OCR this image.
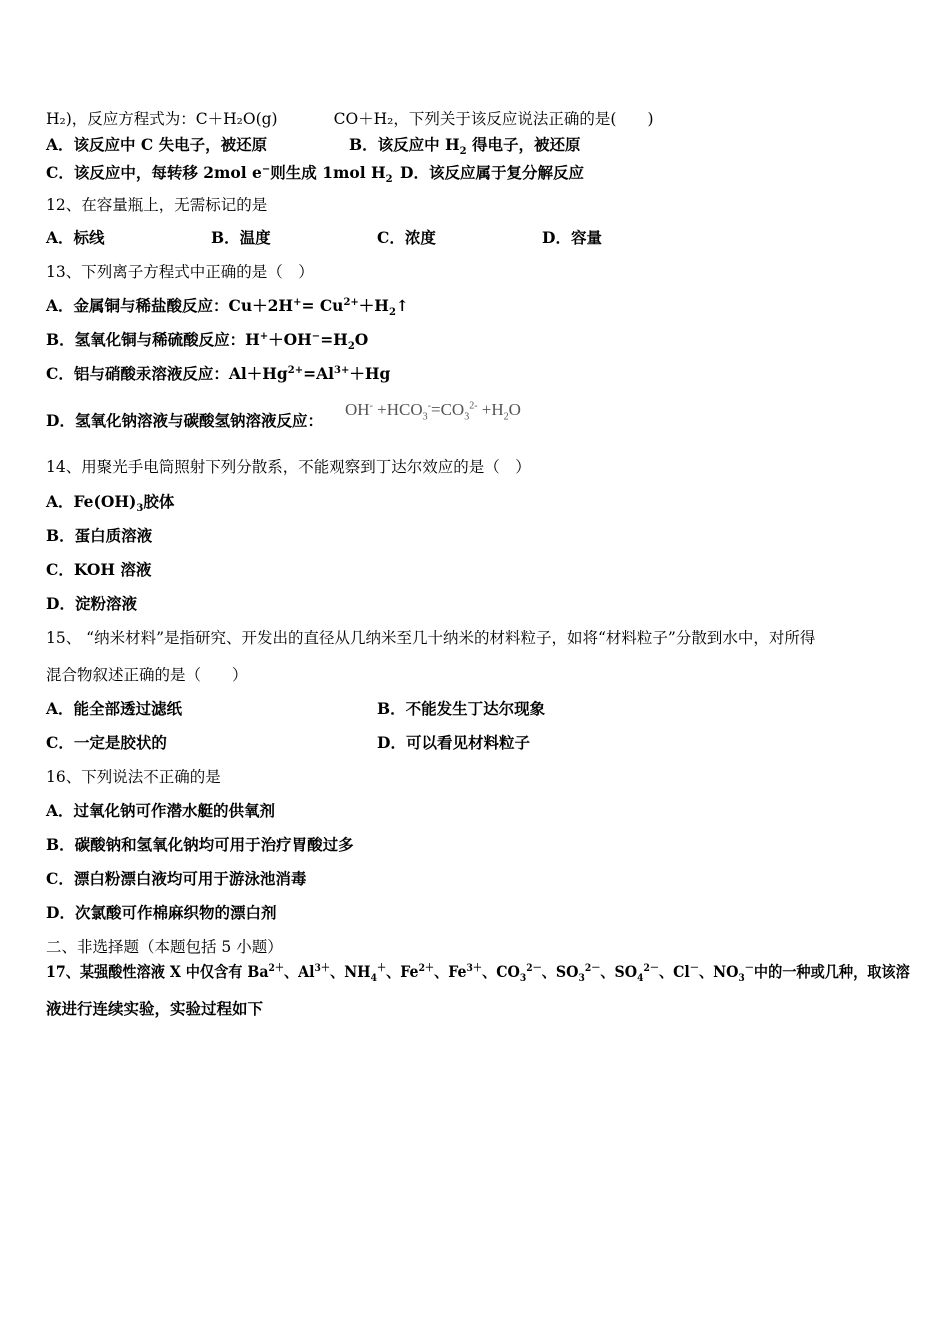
H₂)，反应方程式为：C＋H₂O(g)	CO＋H₂，下列关于该反应说法正确的是(　　)
A．该反应中 C 失电子，被还原	B．该反应中 $H_2$ 得电子，被还原
C．该反应中，每转移 2mol e−则生成 1mol $H_2$ D．该反应属于复分解反应
12、在容量瓶上，无需标记的是
A．标线	B．温度	C．浓度	D．容量
13、下列离子方程式中正确的是（　）
A．金属铜与稀盐酸反应：$Cu+2H^+= Cu^{2+}+H_2↑$
B．氢氧化铜与稀硫酸反应：$H^++OH^-=H_2O$
C．铝与硝酸汞溶液反应：$Al+Hg^{2+}=Al^{3+}+Hg$
D．氢氧化钠溶液与碳酸氢钠溶液反应：
$OH^- +HCO_3^-=CO_3^{2-} +H_2O$
14、用聚光手电筒照射下列分散系，不能观察到丁达尔效应的是（　）
A．$Fe(OH)_3$胶体
B．蛋白质溶液
C．KOH 溶液
D．淀粉溶液
15、 “纳米材料”是指研究、开发出的直径从几纳米至几十纳米的材料粒子，如将“材料粒子”分散到水中，对所得
混合物叙述正确的是（　　）
A．能全部透过滤纸	B．不能发生丁达尔现象
C．一定是胶状的	D．可以看见材料粒子
16、下列说法不正确的是
A．过氧化钠可作潜水艇的供氧剂
B．碳酸钠和氢氧化钠均可用于治疗胃酸过多
C．漂白粉漂白液均可用于游泳池消毒
D．次氯酸可作棉麻织物的漂白剂
二、非选择题（本题包括 5 小题）
17、某强酸性溶液 X 中仅含有 $Ba^{2+}$、$Al^{3+}$、$NH_4^+$、$Fe^{2+}$、$Fe^{3+}$、$CO_3^{2-}$、$SO_3^{2-}$、$SO_4^{2-}$、Cl－、$NO_3^-$中的一种或几种，取该溶
液进行连续实验，实验过程如下
